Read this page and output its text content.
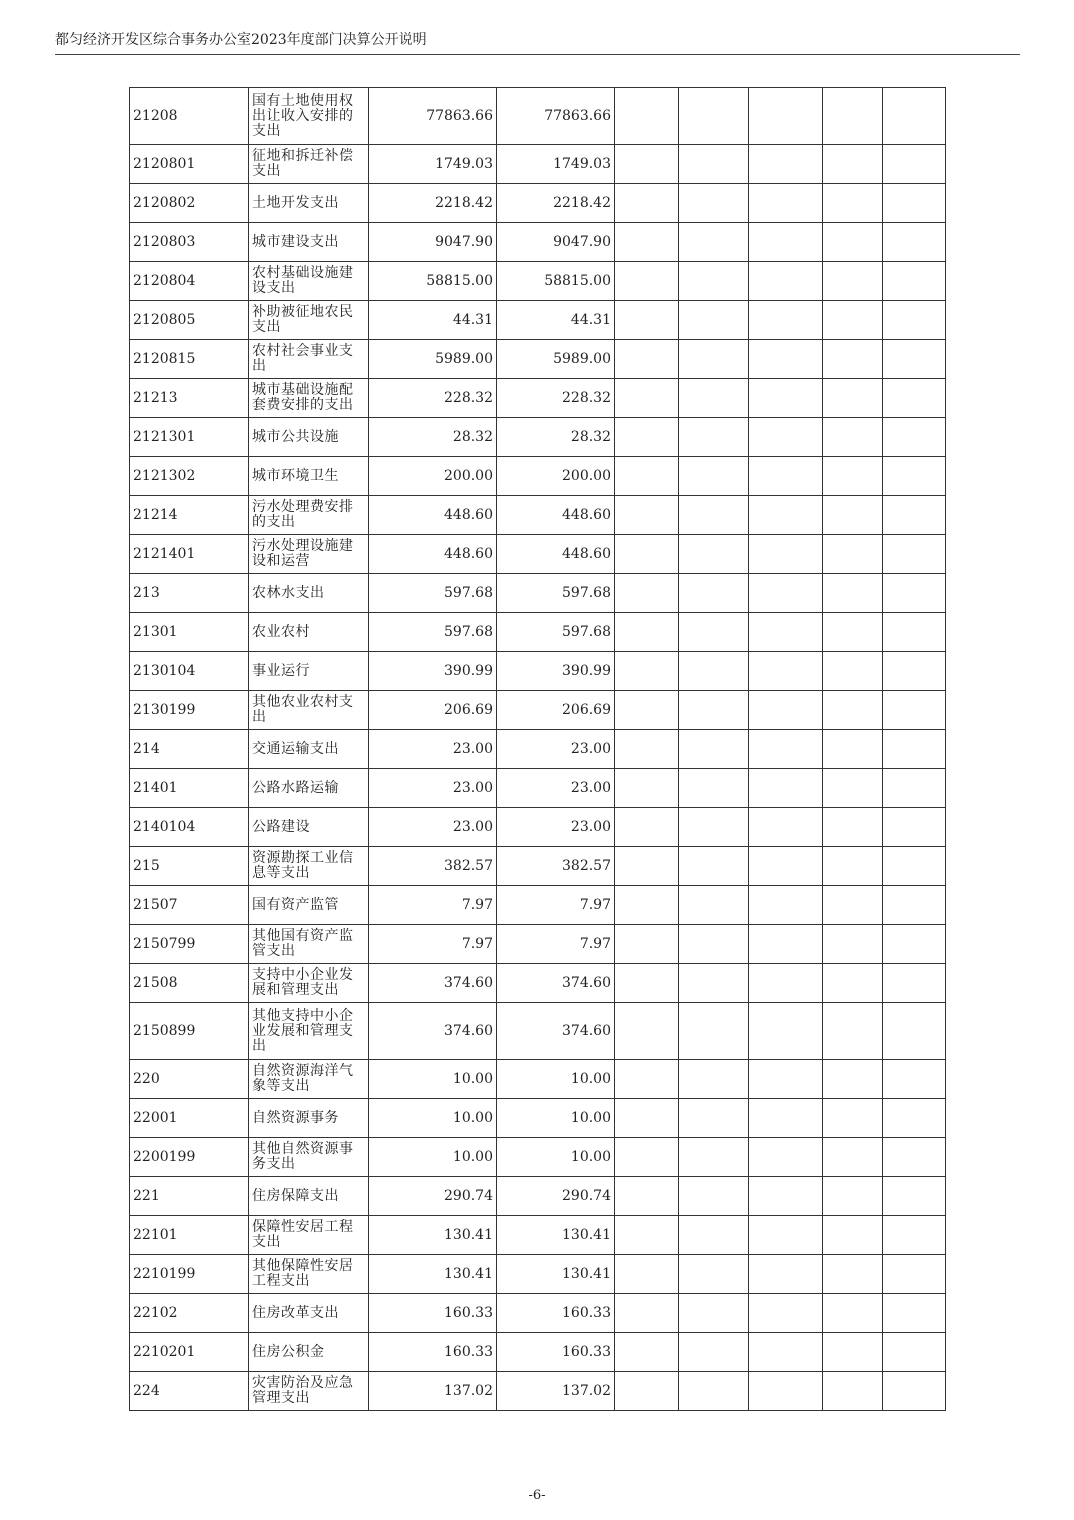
都匀经济开发区综合事务办公室2023年度部门决算公开说明
21208	国有土地使用权出让收入安排的支出	77863.66	77863.66					
2120801	征地和拆迁补偿支出	1749.03	1749.03					
2120802	土地开发支出	2218.42	2218.42					
2120803	城市建设支出	9047.90	9047.90					
2120804	农村基础设施建设支出	58815.00	58815.00					
2120805	补助被征地农民支出	44.31	44.31					
2120815	农村社会事业支出	5989.00	5989.00					
21213	城市基础设施配套费安排的支出	228.32	228.32					
2121301	城市公共设施	28.32	28.32					
2121302	城市环境卫生	200.00	200.00					
21214	污水处理费安排的支出	448.60	448.60					
2121401	污水处理设施建设和运营	448.60	448.60					
213	农林水支出	597.68	597.68					
21301	农业农村	597.68	597.68					
2130104	事业运行	390.99	390.99					
2130199	其他农业农村支出	206.69	206.69					
214	交通运输支出	23.00	23.00					
21401	公路水路运输	23.00	23.00					
2140104	公路建设	23.00	23.00					
215	资源勘探工业信息等支出	382.57	382.57					
21507	国有资产监管	7.97	7.97					
2150799	其他国有资产监管支出	7.97	7.97					
21508	支持中小企业发展和管理支出	374.60	374.60					
2150899	其他支持中小企业发展和管理支出	374.60	374.60					
220	自然资源海洋气象等支出	10.00	10.00					
22001	自然资源事务	10.00	10.00					
2200199	其他自然资源事务支出	10.00	10.00					
221	住房保障支出	290.74	290.74					
22101	保障性安居工程支出	130.41	130.41					
2210199	其他保障性安居工程支出	130.41	130.41					
22102	住房改革支出	160.33	160.33					
2210201	住房公积金	160.33	160.33					
224	灾害防治及应急管理支出	137.02	137.02					
-6-
